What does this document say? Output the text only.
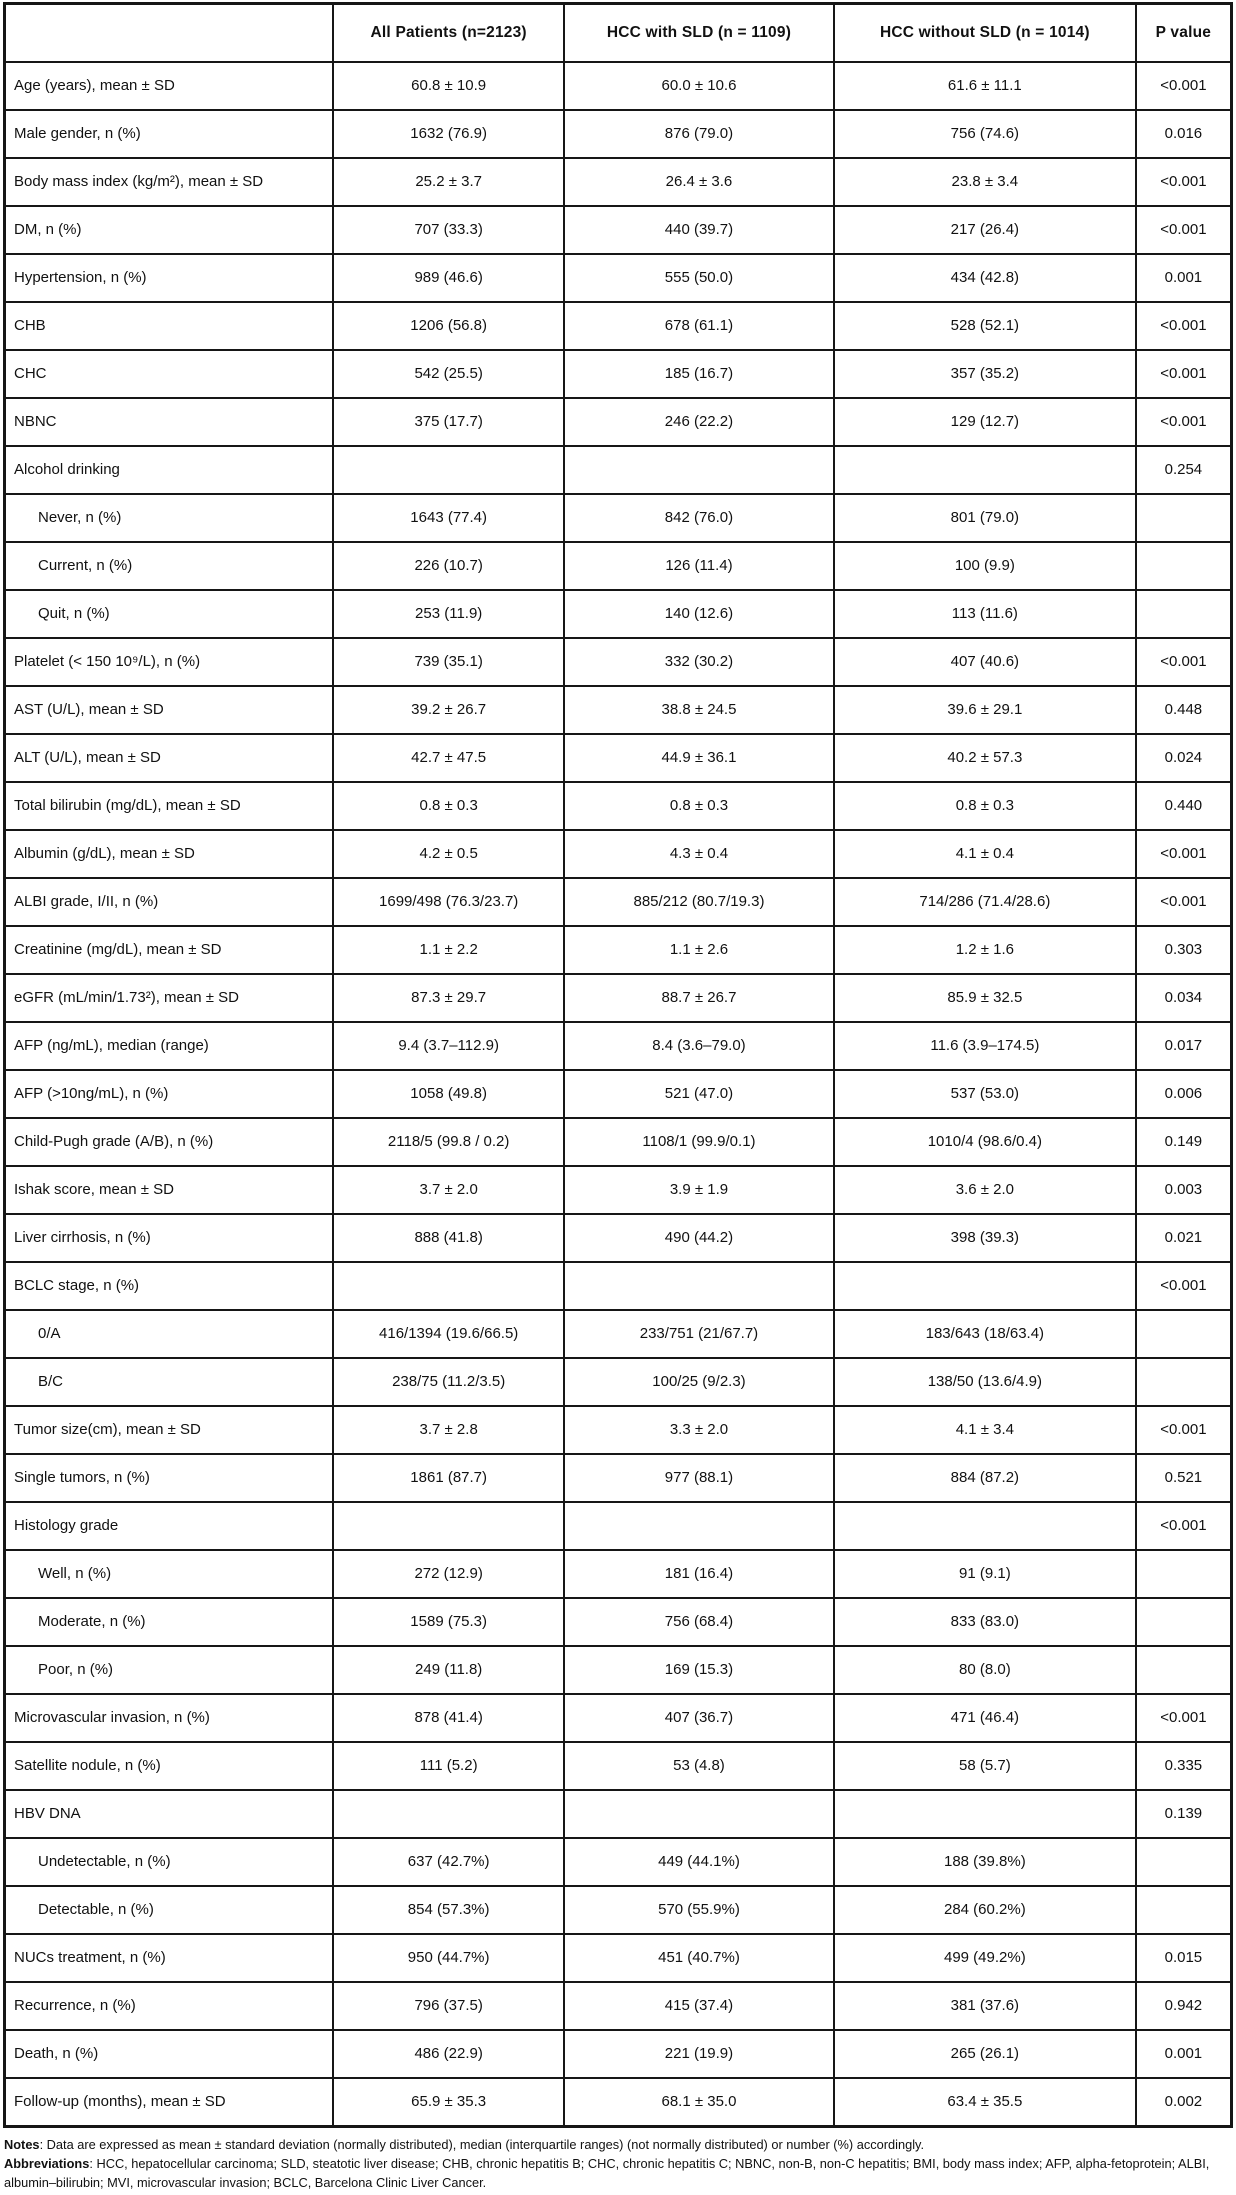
	All Patients (n=2123)	HCC with SLD (n = 1109)	HCC without SLD (n = 1014)	P value
Age (years), mean ± SD	60.8 ± 10.9	60.0 ± 10.6	61.6 ± 11.1	<0.001
Male gender, n (%)	1632 (76.9)	876 (79.0)	756 (74.6)	0.016
Body mass index (kg/m²), mean ± SD	25.2 ± 3.7	26.4 ± 3.6	23.8 ± 3.4	<0.001
DM, n (%)	707 (33.3)	440 (39.7)	217 (26.4)	<0.001
Hypertension, n (%)	989 (46.6)	555 (50.0)	434 (42.8)	0.001
CHB	1206 (56.8)	678 (61.1)	528 (52.1)	<0.001
CHC	542 (25.5)	185 (16.7)	357 (35.2)	<0.001
NBNC	375 (17.7)	246 (22.2)	129 (12.7)	<0.001
Alcohol drinking				0.254
Never, n (%)	1643 (77.4)	842 (76.0)	801 (79.0)	
Current, n (%)	226 (10.7)	126 (11.4)	100 (9.9)	
Quit, n (%)	253 (11.9)	140 (12.6)	113 (11.6)	
Platelet (< 150 10⁹/L), n (%)	739 (35.1)	332 (30.2)	407 (40.6)	<0.001
AST (U/L), mean ± SD	39.2 ± 26.7	38.8 ± 24.5	39.6 ± 29.1	0.448
ALT (U/L), mean ± SD	42.7 ± 47.5	44.9 ± 36.1	40.2 ± 57.3	0.024
Total bilirubin (mg/dL), mean ± SD	0.8 ± 0.3	0.8 ± 0.3	0.8 ± 0.3	0.440
Albumin (g/dL), mean ± SD	4.2 ± 0.5	4.3 ± 0.4	4.1 ± 0.4	<0.001
ALBI grade, I/II, n (%)	1699/498 (76.3/23.7)	885/212 (80.7/19.3)	714/286 (71.4/28.6)	<0.001
Creatinine (mg/dL), mean ± SD	1.1 ± 2.2	1.1 ± 2.6	1.2 ± 1.6	0.303
eGFR (mL/min/1.73²), mean ± SD	87.3 ± 29.7	88.7 ± 26.7	85.9 ± 32.5	0.034
AFP (ng/mL), median (range)	9.4 (3.7–112.9)	8.4 (3.6–79.0)	11.6 (3.9–174.5)	0.017
AFP (>10ng/mL), n (%)	1058 (49.8)	521 (47.0)	537 (53.0)	0.006
Child-Pugh grade (A/B), n (%)	2118/5 (99.8 / 0.2)	1108/1 (99.9/0.1)	1010/4 (98.6/0.4)	0.149
Ishak score, mean ± SD	3.7 ± 2.0	3.9 ± 1.9	3.6 ± 2.0	0.003
Liver cirrhosis, n (%)	888 (41.8)	490 (44.2)	398 (39.3)	0.021
BCLC stage, n (%)				<0.001
0/A	416/1394 (19.6/66.5)	233/751 (21/67.7)	183/643 (18/63.4)	
B/C	238/75 (11.2/3.5)	100/25 (9/2.3)	138/50 (13.6/4.9)	
Tumor size(cm), mean ± SD	3.7 ± 2.8	3.3 ± 2.0	4.1 ± 3.4	<0.001
Single tumors, n (%)	1861 (87.7)	977 (88.1)	884 (87.2)	0.521
Histology grade				<0.001
Well, n (%)	272 (12.9)	181 (16.4)	91 (9.1)	
Moderate, n (%)	1589 (75.3)	756 (68.4)	833 (83.0)	
Poor, n (%)	249 (11.8)	169 (15.3)	80 (8.0)	
Microvascular invasion, n (%)	878 (41.4)	407 (36.7)	471 (46.4)	<0.001
Satellite nodule, n (%)	111 (5.2)	53 (4.8)	58 (5.7)	0.335
HBV DNA				0.139
Undetectable, n (%)	637 (42.7%)	449 (44.1%)	188 (39.8%)	
Detectable, n (%)	854 (57.3%)	570 (55.9%)	284 (60.2%)	
NUCs treatment, n (%)	950 (44.7%)	451 (40.7%)	499 (49.2%)	0.015
Recurrence, n (%)	796 (37.5)	415 (37.4)	381 (37.6)	0.942
Death, n (%)	486 (22.9)	221 (19.9)	265 (26.1)	0.001
Follow-up (months), mean ± SD	65.9 ± 35.3	68.1 ± 35.0	63.4 ± 35.5	0.002
Notes: Data are expressed as mean ± standard deviation (normally distributed), median (interquartile ranges) (not normally distributed) or number (%) accordingly.
Abbreviations: HCC, hepatocellular carcinoma; SLD, steatotic liver disease; CHB, chronic hepatitis B; CHC, chronic hepatitis C; NBNC, non-B, non-C hepatitis; BMI, body mass index; AFP, alpha-fetoprotein; ALBI, albumin–bilirubin; MVI, microvascular invasion; BCLC, Barcelona Clinic Liver Cancer.
